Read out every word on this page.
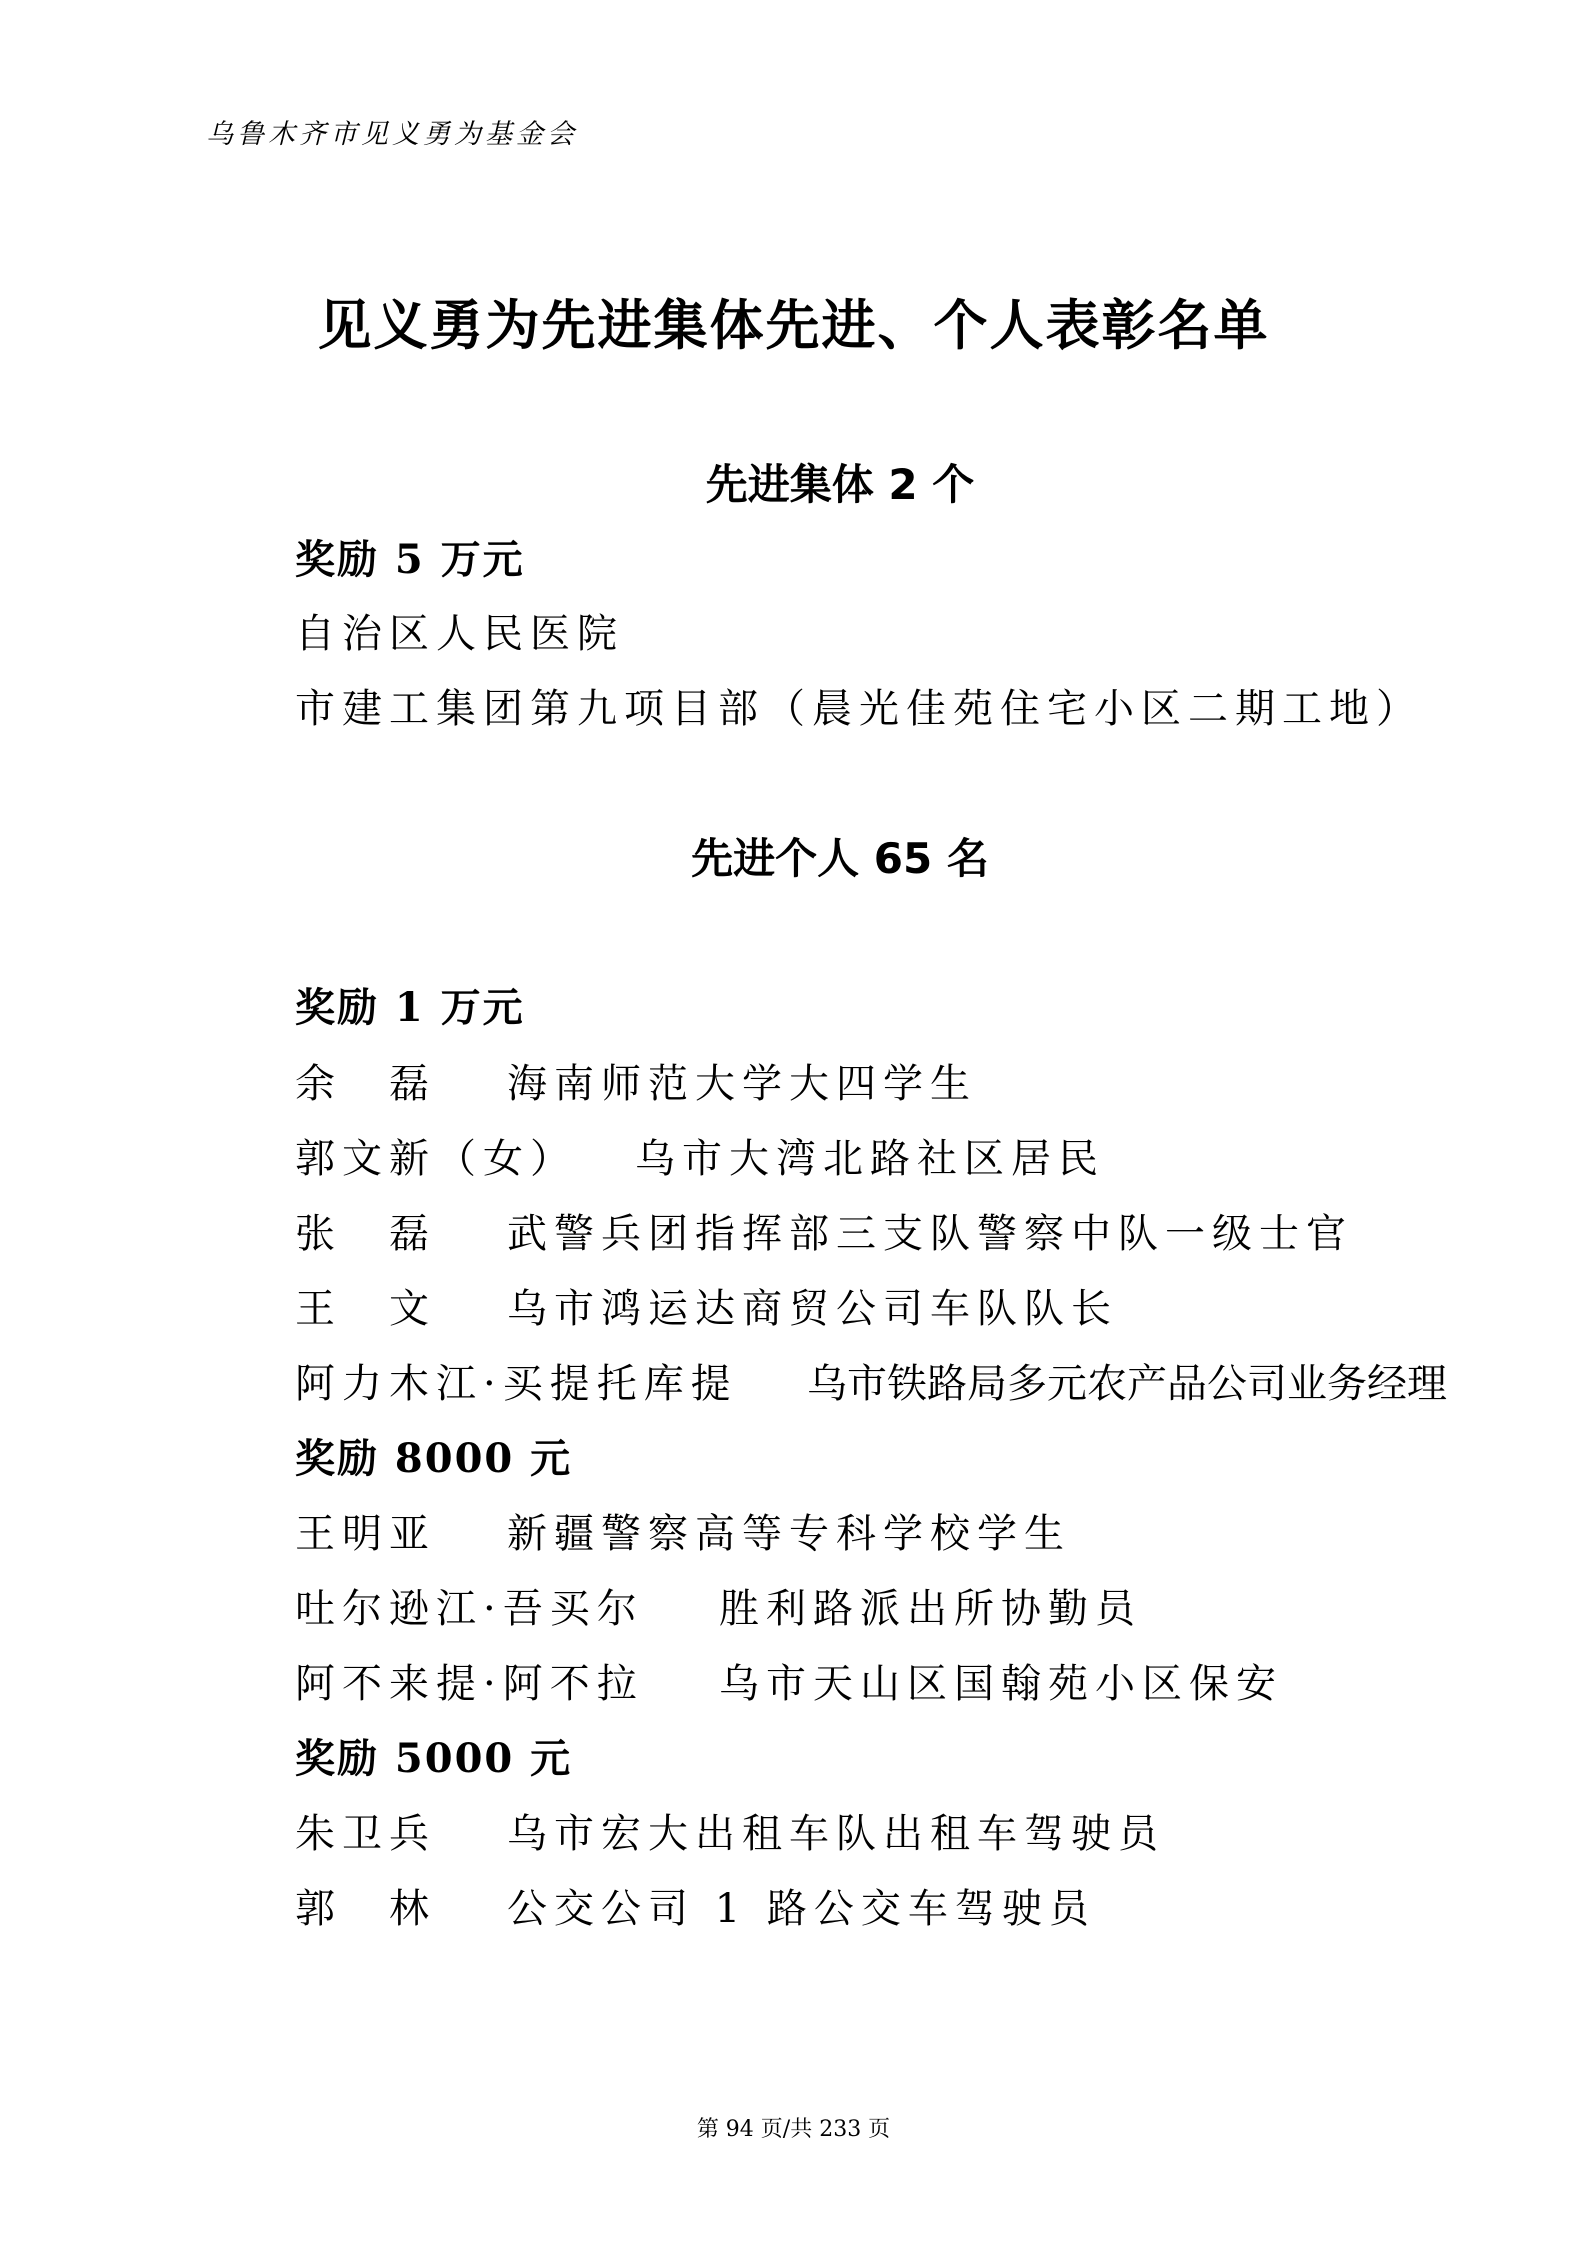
乌鲁木齐市见义勇为基金会
见义勇为先进集体先进、个人表彰名单
先进集体 2 个
奖励 5 万元
自治区人民医院
市建工集团第九项目部（晨光佳苑住宅小区二期工地）
先进个人 65 名
奖励 1 万元
余　磊 海南师范大学大四学生
郭文新（女） 乌市大湾北路社区居民
张　磊 武警兵团指挥部三支队警察中队一级士官
王　文 乌市鸿运达商贸公司车队队长
阿力木江·买提托库提 乌市铁路局多元农产品公司业务经理
奖励 8000 元
王明亚 新疆警察高等专科学校学生
吐尔逊江·吾买尔 胜利路派出所协勤员
阿不来提·阿不拉 乌市天山区国翰苑小区保安
奖励 5000 元
朱卫兵 乌市宏大出租车队出租车驾驶员
郭　林 公交公司 1 路公交车驾驶员
第 94 页/共 233 页
